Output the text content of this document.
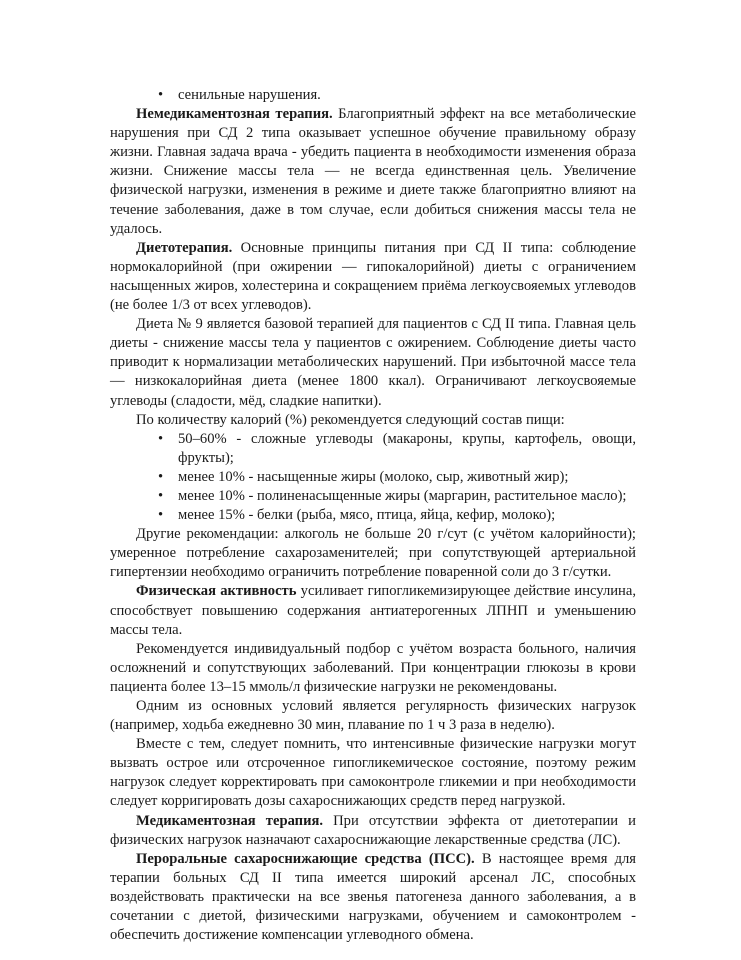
• сенильные нарушения.

Немедикаментозная терапия. Благоприятный эффект на все метаболические нарушения при СД 2 типа оказывает успешное обучение правильному образу жизни. Главная задача врача - убедить пациента в необходимости изменения образа жизни. Снижение массы тела — не всегда единственная цель. Увеличение физической нагрузки, изменения в режиме и диете также благоприятно влияют на течение заболевания, даже в том случае, если добиться снижения массы тела не удалось.

Диетотерапия. Основные принципы питания при СД II типа: соблюдение нормокалорийной (при ожирении — гипокалорийной) диеты с ограничением насыщенных жиров, холестерина и сокращением приёма легкоусвояемых углеводов (не более 1/3 от всех углеводов).

Диета № 9 является базовой терапией для пациентов с СД II типа. Главная цель диеты - снижение массы тела у пациентов с ожирением. Соблюдение диеты часто приводит к нормализации метаболических нарушений. При избыточной массе тела — низкокалорийная диета (менее 1800 ккал). Ограничивают легкоусвояемые углеводы (сладости, мёд, сладкие напитки).

По количеству калорий (%) рекомендуется следующий состав пищи:

• 50–60% - сложные углеводы (макароны, крупы, картофель, овощи, фрукты);
• менее 10% - насыщенные жиры (молоко, сыр, животный жир);
• менее 10% - полиненасыщенные жиры (маргарин, растительное масло);
• менее 15% - белки (рыба, мясо, птица, яйца, кефир, молоко);

Другие рекомендации: алкоголь не больше 20 г/сут (с учётом калорийности); умеренное потребление сахарозаменителей; при сопутствующей артериальной гипертензии необходимо ограничить потребление поваренной соли до 3 г/сутки.

Физическая активность усиливает гипогликемизирующее действие инсулина, способствует повышению содержания антиатерогенных ЛПНП и уменьшению массы тела.

Рекомендуется индивидуальный подбор с учётом возраста больного, наличия осложнений и сопутствующих заболеваний. При концентрации глюкозы в крови пациента более 13–15 ммоль/л физические нагрузки не рекомендованы.

Одним из основных условий является регулярность физических нагрузок (например, ходьба ежедневно 30 мин, плавание по 1 ч 3 раза в неделю).

Вместе с тем, следует помнить, что интенсивные физические нагрузки могут вызвать острое или отсроченное гипогликемическое состояние, поэтому режим нагрузок следует корректировать при самоконтроле гликемии и при необходимости следует корригировать дозы сахароснижающих средств перед нагрузкой.

Медикаментозная терапия. При отсутствии эффекта от диетотерапии и физических нагрузок назначают сахароснижающие лекарственные средства (ЛС).

Пероральные сахароснижающие средства (ПСС). В настоящее время для терапии больных СД II типа имеется широкий арсенал ЛС, способных воздействовать практически на все звенья патогенеза данного заболевания, а в сочетании с диетой, физическими нагрузками, обучением и самоконтролем - обеспечить достижение компенсации углеводного обмена.
